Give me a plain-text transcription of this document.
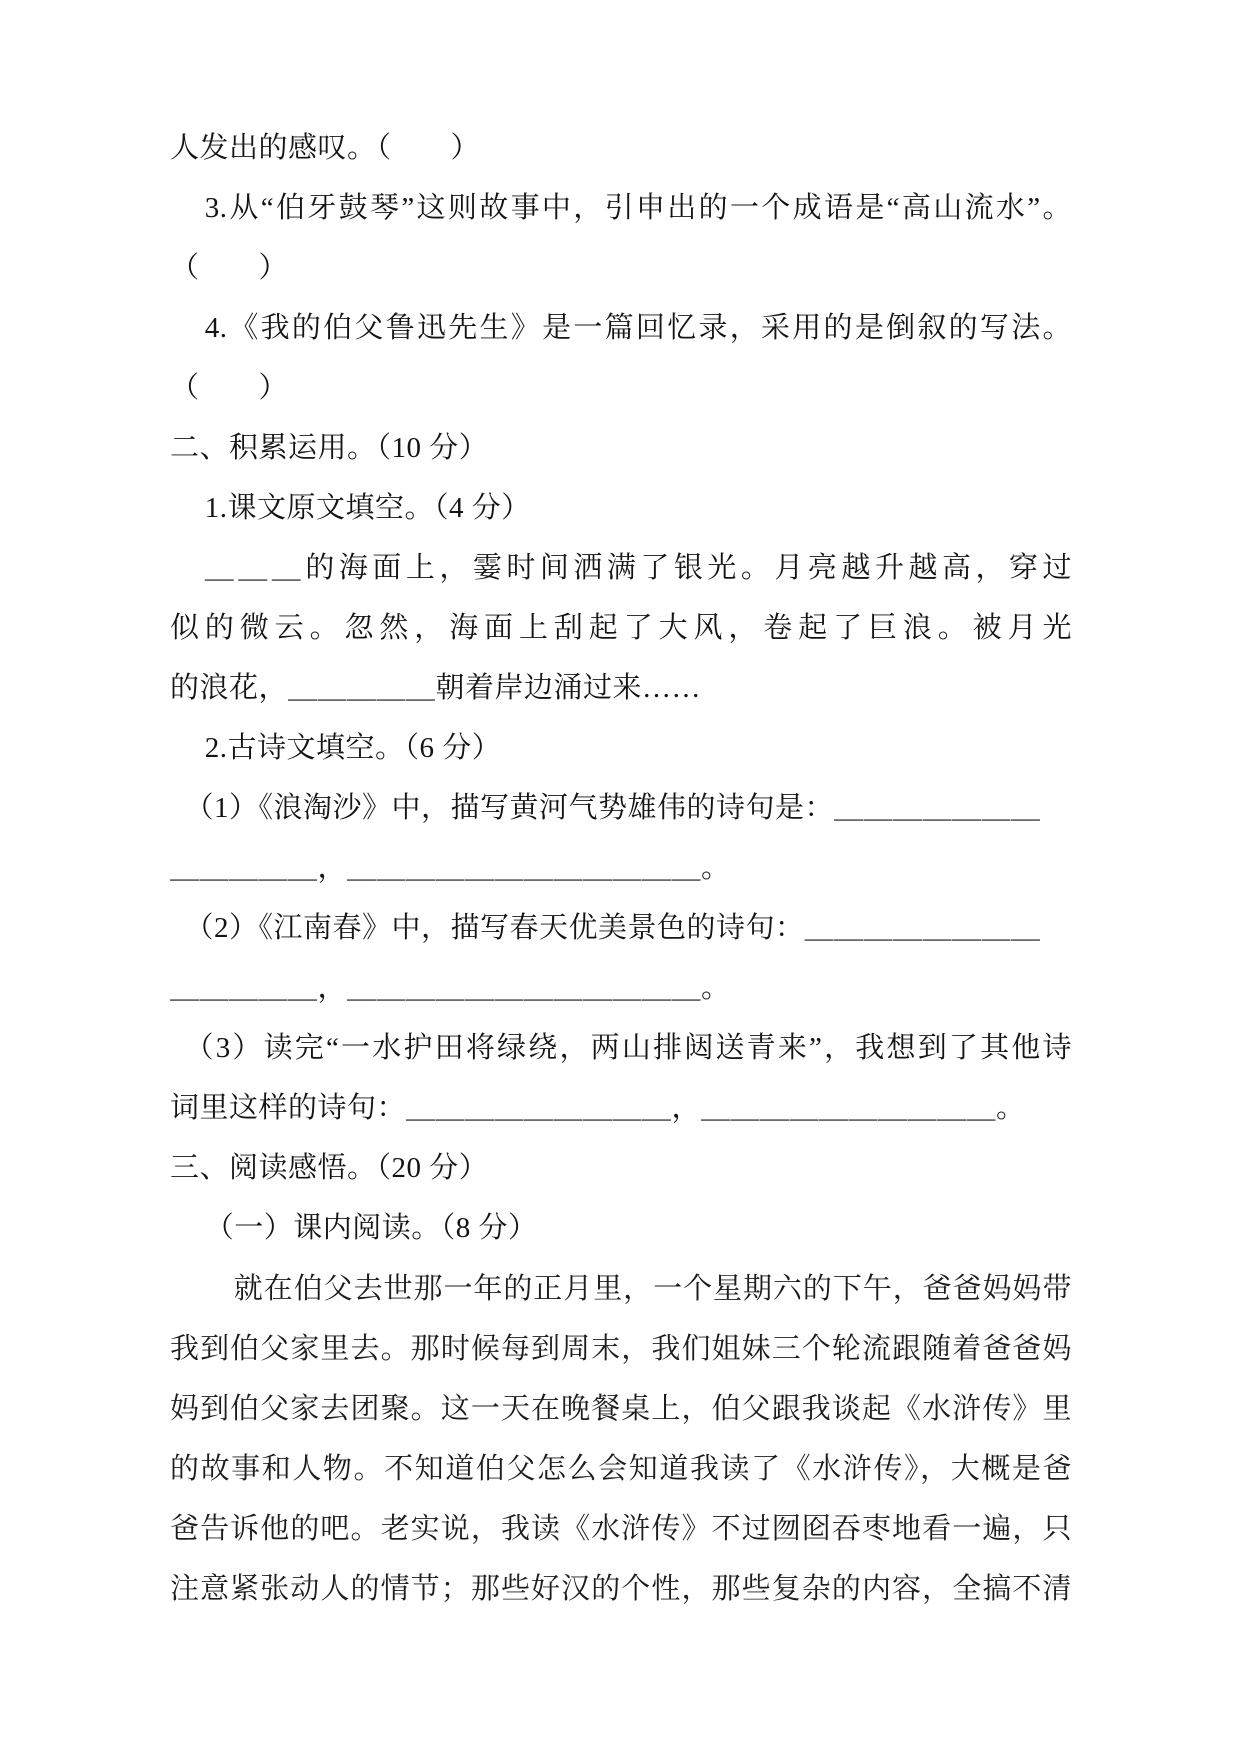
人发出的感叹。（　　）
3.从“伯牙鼓琴”这则故事中，引申出的一个成语是“高山流水”。
（　　）
4.《我的伯父鲁迅先生》是一篇回忆录，采用的是倒叙的写法。
（　　）
二、积累运用。（10 分）
1.课文原文填空。（4 分）
＿＿＿的海面上，霎时间洒满了银光。月亮越升越高，穿过
似的微云。忽然，海面上刮起了大风，卷起了巨浪。被月光
的浪花，＿＿＿＿＿朝着岸边涌过来……
2.古诗文填空。（6 分）
（1）《浪淘沙》中，描写黄河气势雄伟的诗句是：＿＿＿＿＿＿＿
＿＿＿＿＿，＿＿＿＿＿＿＿＿＿＿＿＿。
（2）《江南春》中，描写春天优美景色的诗句：＿＿＿＿＿＿＿＿
＿＿＿＿＿，＿＿＿＿＿＿＿＿＿＿＿＿。
（3）读完“一水护田将绿绕，两山排闼送青来”，我想到了其他诗
词里这样的诗句：＿＿＿＿＿＿＿＿＿，＿＿＿＿＿＿＿＿＿＿。
三、阅读感悟。（20 分）
（一）课内阅读。（8 分）
就在伯父去世那一年的正月里，一个星期六的下午，爸爸妈妈带
我到伯父家里去。那时候每到周末，我们姐妹三个轮流跟随着爸爸妈
妈到伯父家去团聚。这一天在晚餐桌上，伯父跟我谈起《水浒传》里
的故事和人物。不知道伯父怎么会知道我读了《水浒传》，大概是爸
爸告诉他的吧。老实说，我读《水浒传》不过囫囵吞枣地看一遍，只
注意紧张动人的情节；那些好汉的个性，那些复杂的内容，全搞不清
